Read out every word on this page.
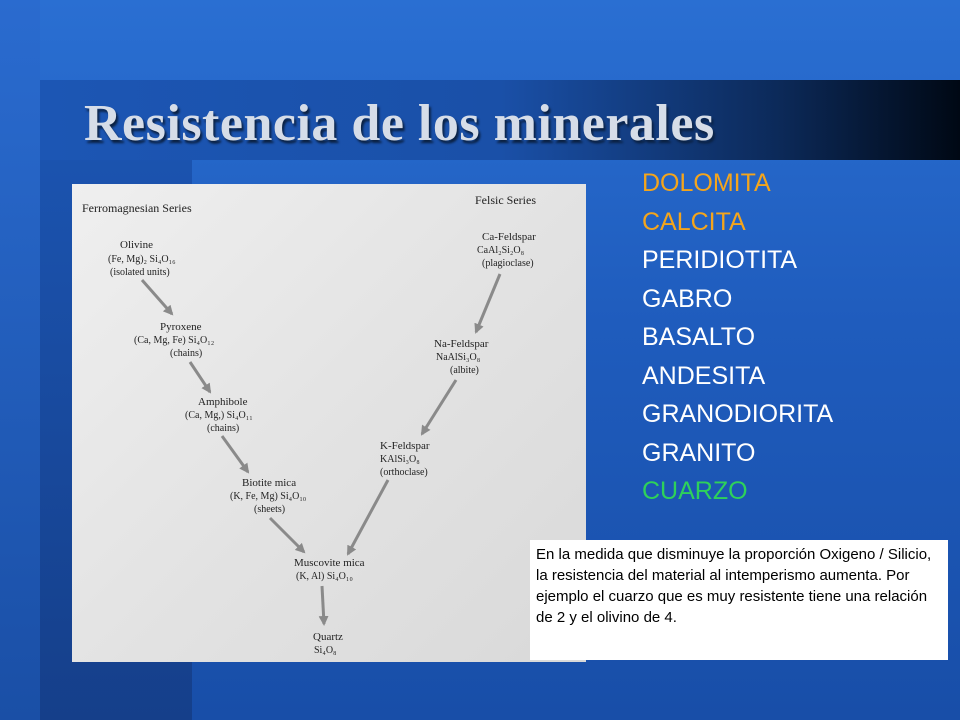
Resistencia de los minerales
Ferromagnesian Series
Felsic Series
Olivine
(Fe, Mg)₂ Si₄O₁₆
(isolated units)
Pyroxene
(Ca, Mg, Fe) Si₄O₁₂
(chains)
Amphibole
(Ca, Mg,) Si₄O₁₁
(chains)
Biotite mica
(K, Fe, Mg) Si₄O₁₀
(sheets)
Muscovite mica
(K, Al) Si₄O₁₀
Quartz
Si₄O₈
Ca-Feldspar
CaAl₂Si₂O₈
(plagioclase)
Na-Feldspar
NaAlSi₃O₈
(albite)
K-Feldspar
KAlSi₃O₈
(orthoclase)
DOLOMITA
CALCITA
PERIDIOTITA
GABRO
BASALTO
ANDESITA
GRANODIORITA
GRANITO
CUARZO
En la medida que disminuye la proporción Oxigeno / Silicio, la resistencia del material al intemperismo aumenta. Por ejemplo el cuarzo que es muy resistente tiene una relación de 2 y el olivino de 4.
